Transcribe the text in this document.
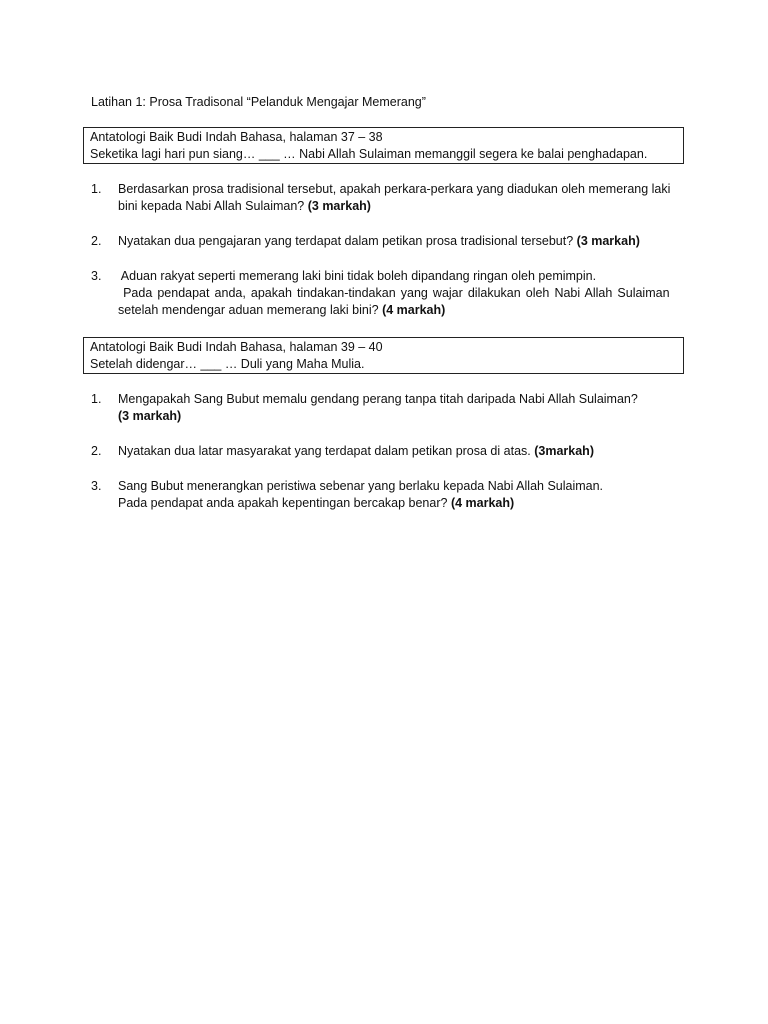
Latihan 1: Prosa Tradisonal “Pelanduk Mengajar Memerang”
Antatologi Baik Budi Indah Bahasa, halaman 37 – 38
Seketika lagi hari pun siang… ___ … Nabi Allah Sulaiman memanggil segera ke balai penghadapan.
1.	Berdasarkan prosa tradisional tersebut, apakah perkara-perkara yang diadukan oleh memerang laki
bini kepada Nabi Allah Sulaiman? (3 markah)
2.	Nyatakan dua pengajaran yang terdapat dalam petikan prosa tradisional tersebut? (3 markah)
3.	Aduan rakyat seperti memerang laki bini tidak boleh dipandang ringan oleh pemimpin.
Pada pendapat anda, apakah tindakan-tindakan yang wajar dilakukan oleh Nabi Allah Sulaiman
setelah mendengar aduan memerang laki bini? (4 markah)
Antatologi Baik Budi Indah Bahasa, halaman 39 – 40
Setelah didengar… ___ … Duli yang Maha Mulia.
1.	Mengapakah Sang Bubut memalu gendang perang tanpa titah daripada Nabi Allah Sulaiman?
(3 markah)
2.	Nyatakan dua latar masyarakat yang terdapat dalam petikan prosa di atas. (3markah)
3.	Sang Bubut menerangkan peristiwa sebenar yang berlaku kepada Nabi Allah Sulaiman.
Pada pendapat anda apakah kepentingan bercakap benar? (4 markah)
